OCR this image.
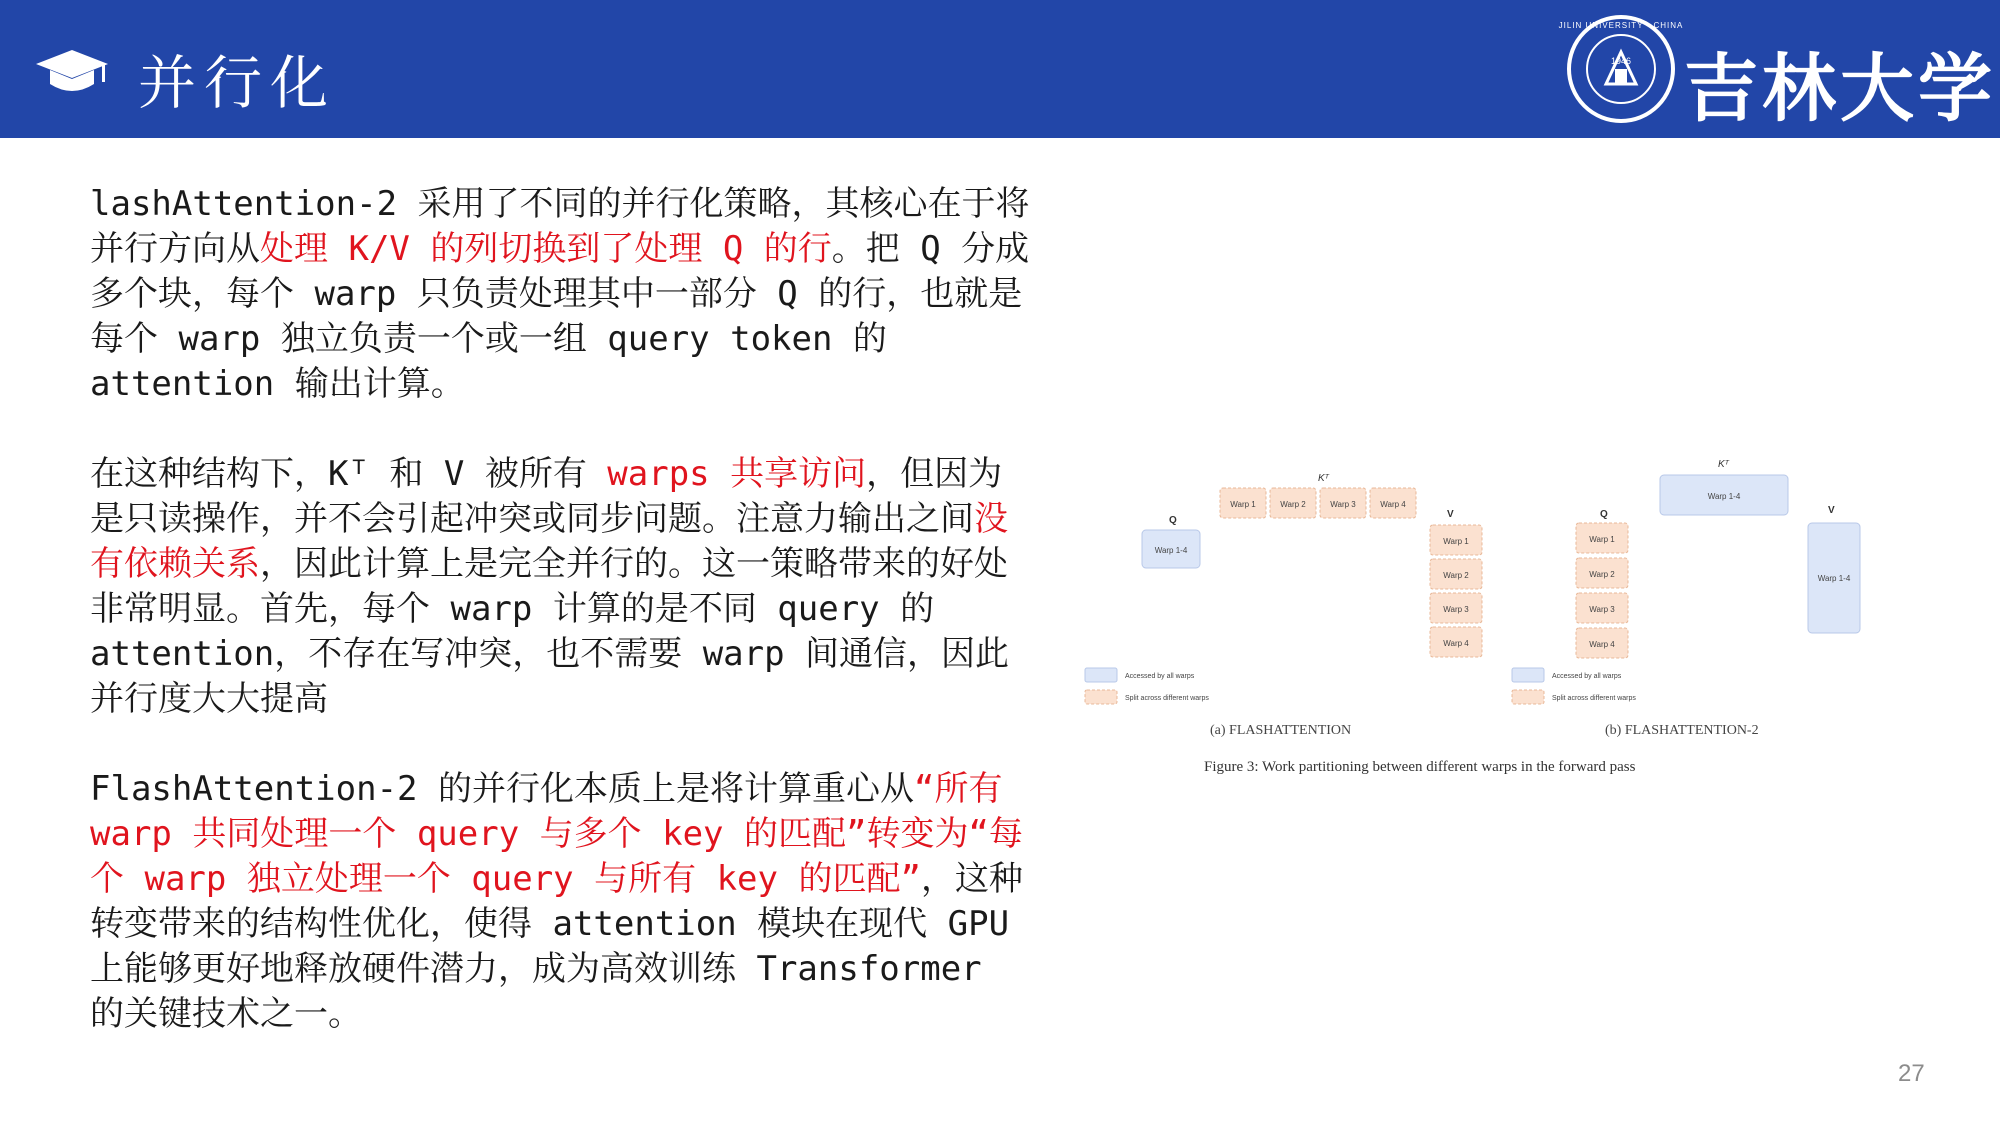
并行化	1946
JILIN UNIVERSITY · CHINA
吉林大学

lashAttention-2 采用了不同的并行化策略，其核心在于将并行方向从处理 K/V 的列切换到了处理 Q 的行。把 Q 分成多个块，每个 warp 只负责处理其中一部分 Q 的行，也就是每个 warp 独立负责一个或一组 query token 的 attention 输出计算。

在这种结构下，Kᵀ 和 V 被所有 warps 共享访问，但因为是只读操作，并不会引起冲突或同步问题。注意力输出之间没有依赖关系，因此计算上是完全并行的。这一策略带来的好处非常明显。首先，每个 warp 计算的是不同 query 的 attention，不存在写冲突，也不需要 warp 间通信，因此并行度大大提高

FlashAttention-2 的并行化本质上是将计算重心从“所有 warp 共同处理一个 query 与多个 key 的匹配”转变为“每个 warp 独立处理一个 query 与所有 key 的匹配”，这种转变带来的结构性优化，使得 attention 模块在现代 GPU 上能够更好地释放硬件潜力，成为高效训练 Transformer 的关键技术之一。

Kᵀ
Warp 1	Warp 2	Warp 3	Warp 4
Q
Warp 1-4
V
Warp 1
Warp 2
Warp 3
Warp 4
Accessed by all warps
Split across different warps
(a) FLASHATTENTION
Kᵀ
Warp 1-4
Q
Warp 1
Warp 2
Warp 3
Warp 4
V
Warp 1-4
Accessed by all warps
Split across different warps
(b) FLASHATTENTION-2
Figure 3: Work partitioning between different warps in the forward pass
27
